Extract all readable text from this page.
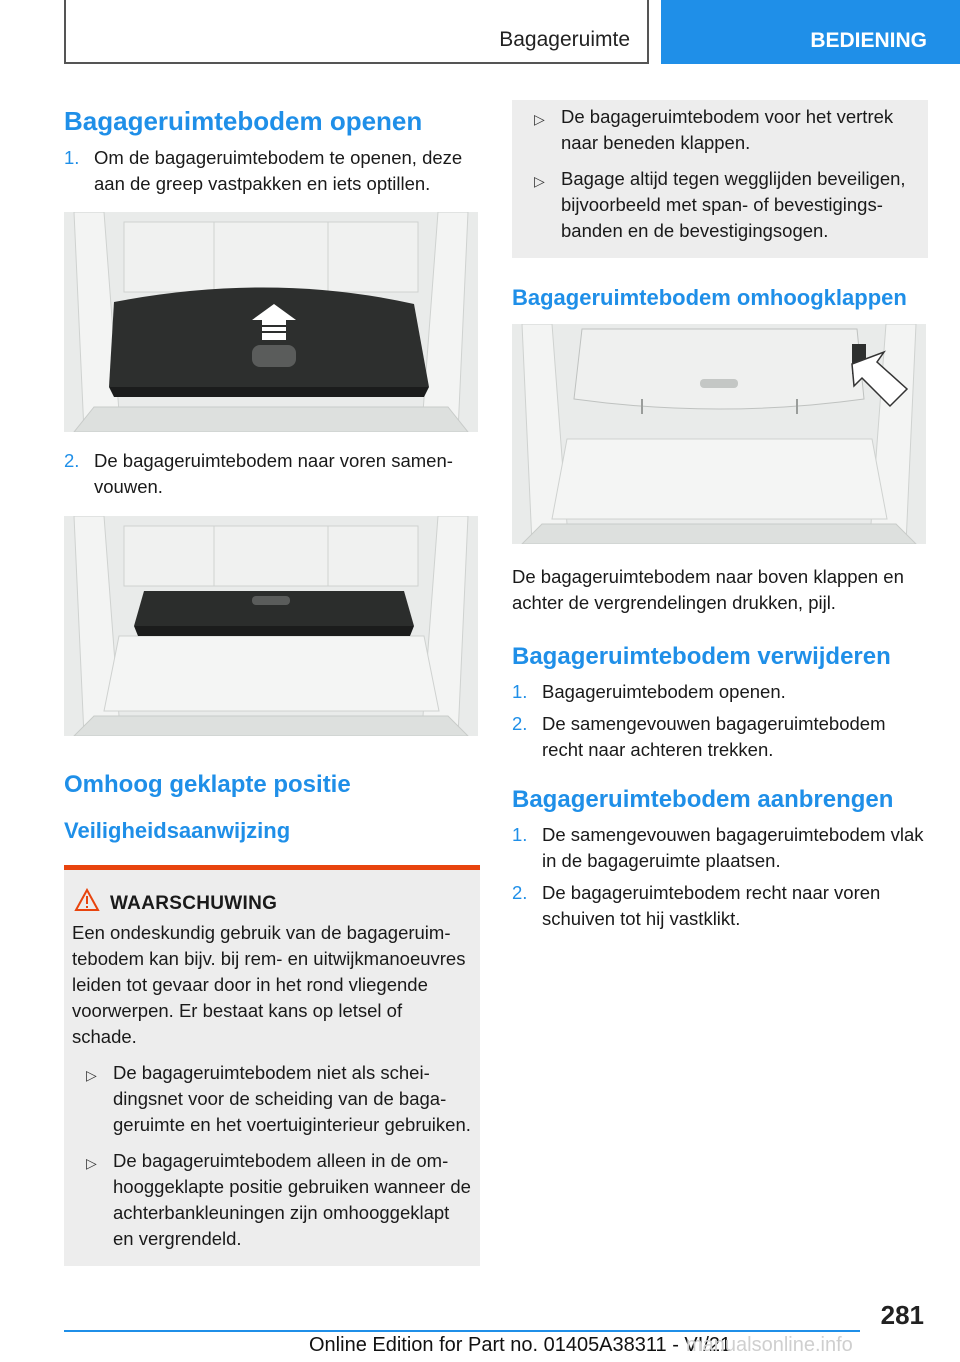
Bagageruimte	BEDIENING
Bagageruimtebodem openen
1. Om de bagageruimtebodem te openen, deze aan de greep vastpakken en iets optillen.
2. De bagageruimtebodem naar voren samenvouwen.
Omhoog geklapte positie
Veiligheidsaanwijzing
WAARSCHUWING

Een ondeskundig gebruik van de bagageruimtebodem kan bijv. bij rem- en uitwijkmanoeuvres leiden tot gevaar door in het rond vliegende voorwerpen. Er bestaat kans op letsel of schade.

▷ De bagageruimtebodem niet als scheidingsnet voor de scheiding van de bagageruimte en het voertuiginterieur gebruiken.
▷ De bagageruimtebodem alleen in de omhooggeklapte positie gebruiken wanneer de achterbankleuningen zijn omhooggeklapt en vergrendeld.
▷ De bagageruimtebodem voor het vertrek naar beneden klappen.
▷ Bagage altijd tegen wegglijden beveiligen, bijvoorbeeld met span- of bevestigingsbanden en de bevestigingsogen.
Bagageruimtebodem omhoogklappen

De bagageruimtebodem naar boven klappen en achter de vergrendelingen drukken, pijl.

Bagageruimtebodem verwijderen
1. Bagageruimtebodem openen.
2. De samengevouwen bagageruimtebodem recht naar achteren trekken.
Bagageruimtebodem aanbrengen
1. De samengevouwen bagageruimtebodem vlak in de bagageruimte plaatsen.
2. De bagageruimtebodem recht naar voren schuiven tot hij vastklikt.
281
Online Edition for Part no. 01405A38311 - VI/21
manualsonline.info
